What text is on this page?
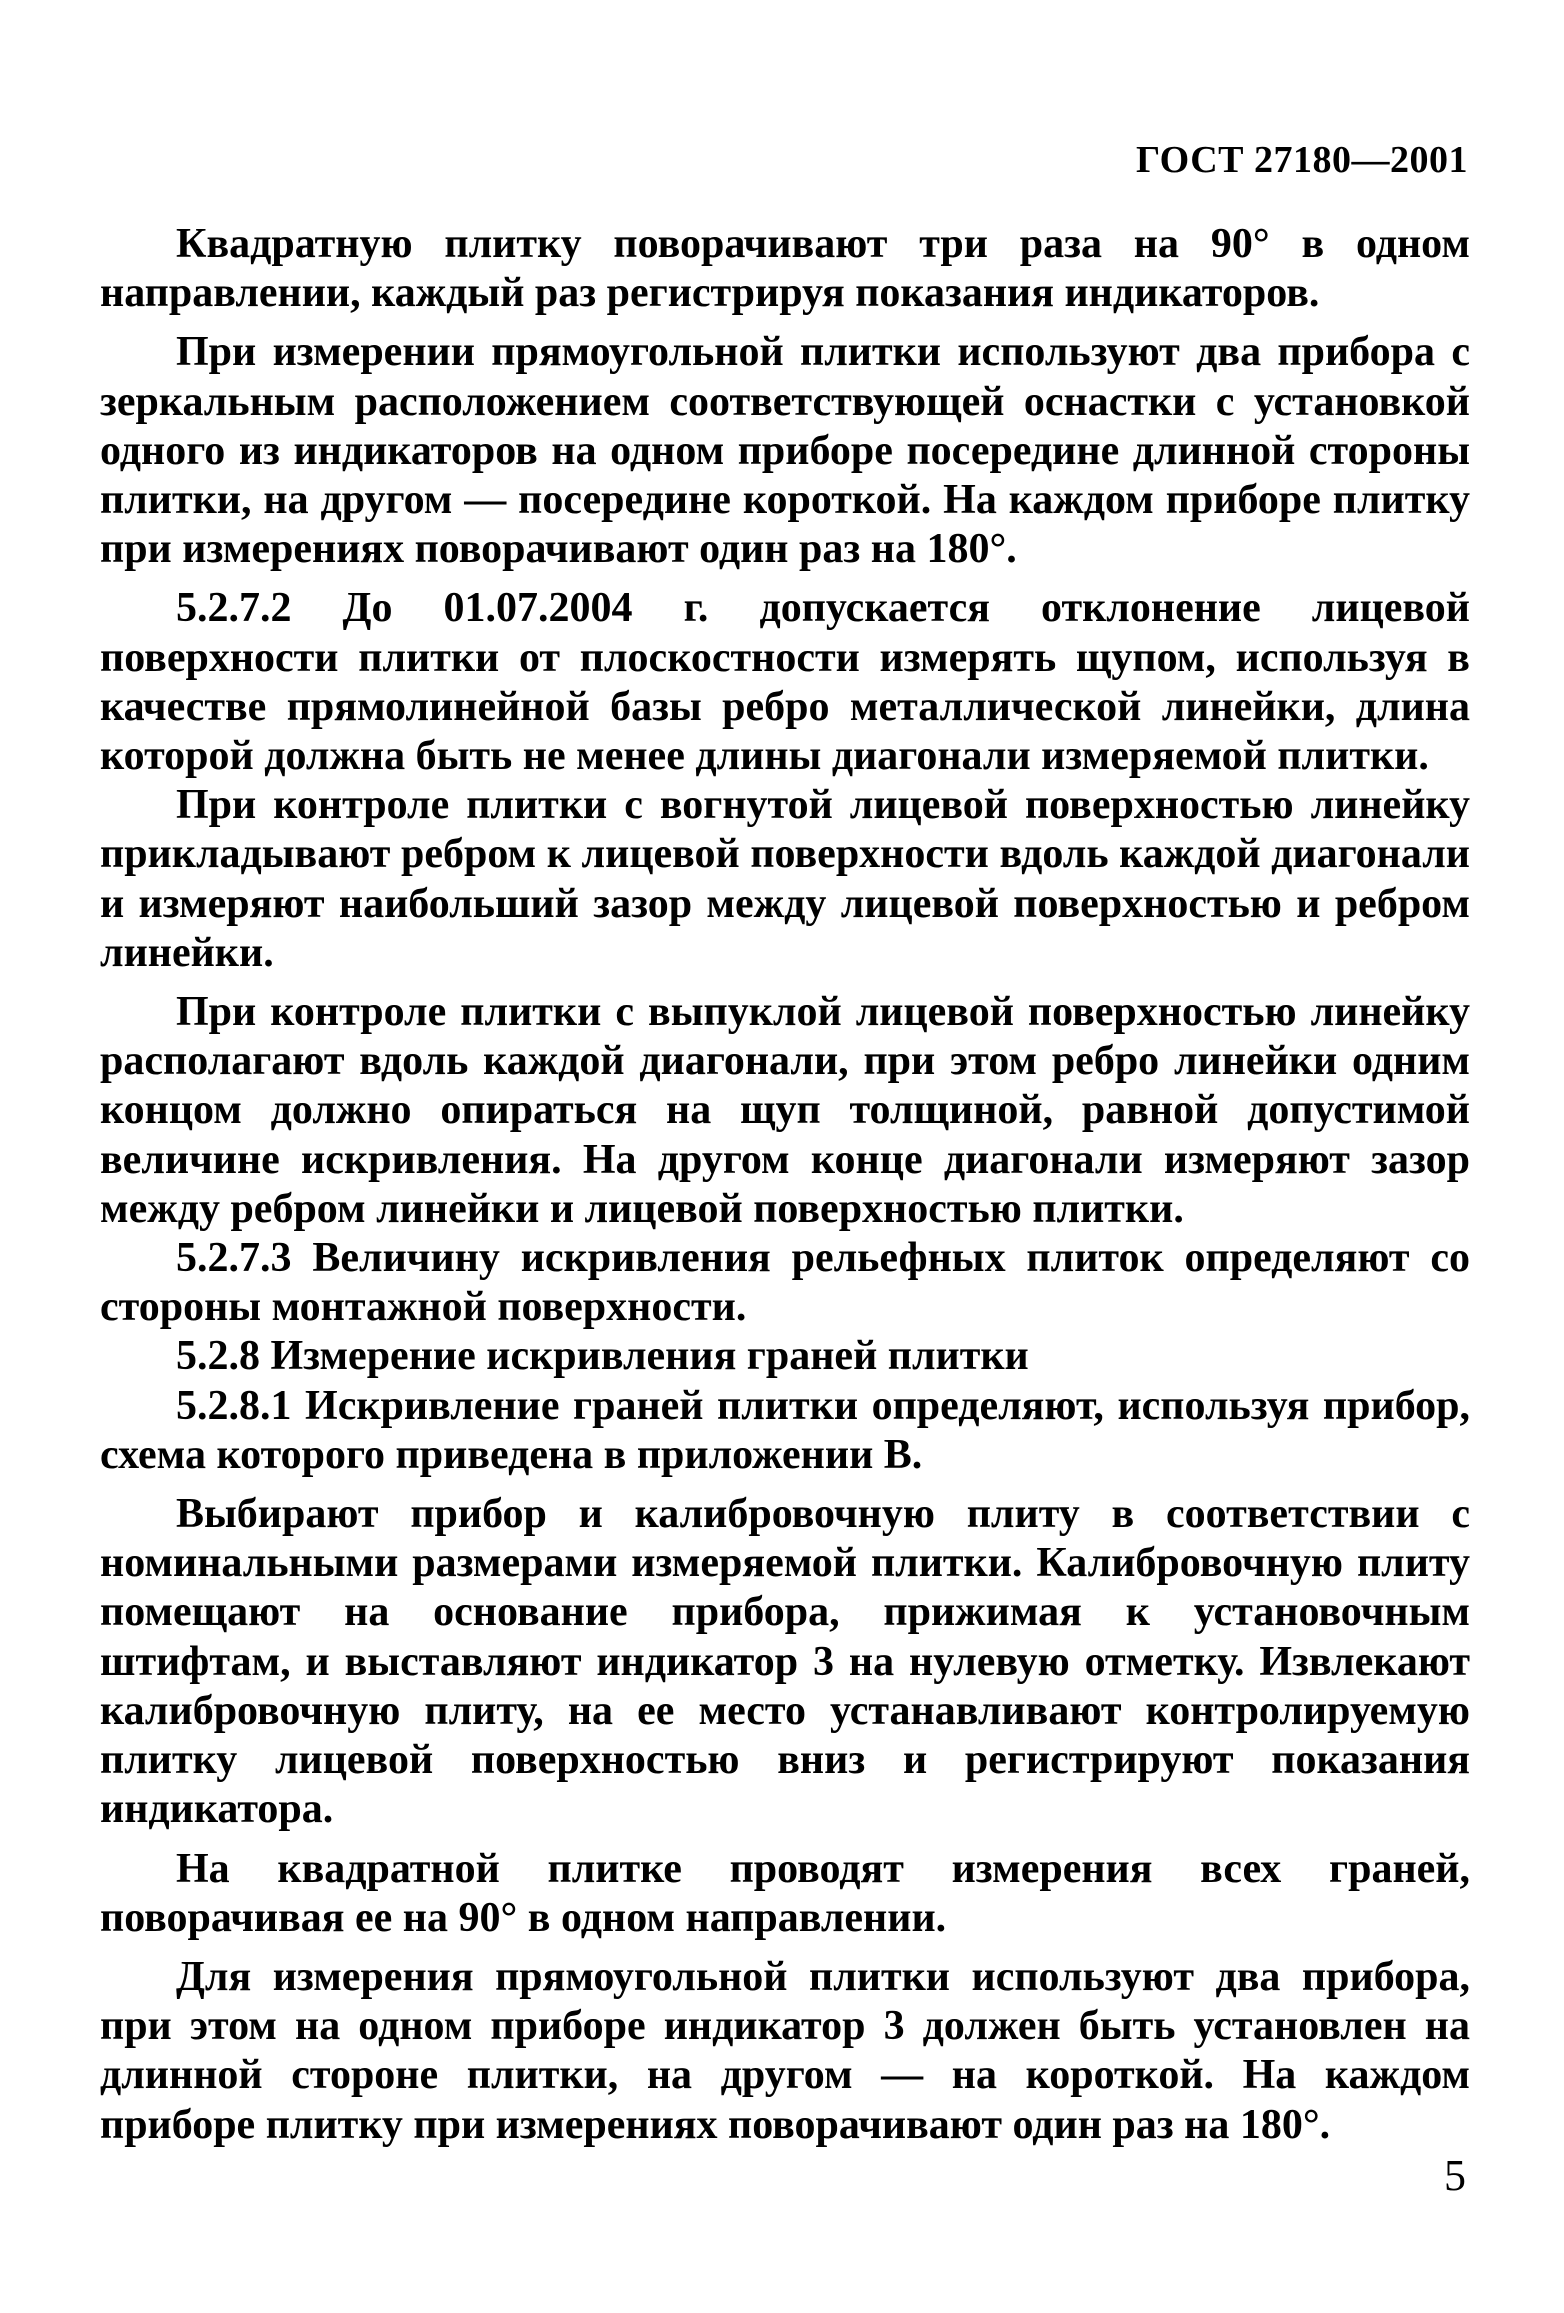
ГОСТ 27180—2001

Квадратную плитку поворачивают три раза на 90° в одном направлении, каждый раз регистрируя показания индикаторов.

При измерении прямоугольной плитки используют два прибора с зеркальным расположением соответствующей оснастки с установкой одного из индикаторов на одном приборе посередине длинной стороны плитки, на другом — посередине короткой. На каждом приборе плитку при измерениях поворачивают один раз на 180°.

5.2.7.2 До 01.07.2004 г. допускается отклонение лицевой поверхности плитки от плоскостности измерять щупом, используя в качестве прямолинейной базы ребро металлической линейки, длина которой должна быть не менее длины диагонали измеряемой плитки.

При контроле плитки с вогнутой лицевой поверхностью линейку прикладывают ребром к лицевой поверхности вдоль каждой диагонали и измеряют наибольший зазор между лицевой поверхностью и ребром линейки.

При контроле плитки с выпуклой лицевой поверхностью линейку располагают вдоль каждой диагонали, при этом ребро линейки одним концом должно опираться на щуп толщиной, равной допустимой величине искривления. На другом конце диагонали измеряют зазор между ребром линейки и лицевой поверхностью плитки.

5.2.7.3 Величину искривления рельефных плиток определяют со стороны монтажной поверхности.

5.2.8 Измерение искривления граней плитки

5.2.8.1 Искривление граней плитки определяют, используя прибор, схема которого приведена в приложении В.

Выбирают прибор и калибровочную плиту в соответствии с номинальными размерами измеряемой плитки. Калибровочную плиту помещают на основание прибора, прижимая к установочным штифтам, и выставляют индикатор 3 на нулевую отметку. Извлекают калибровочную плиту, на ее место устанавливают контролируемую плитку лицевой поверхностью вниз и регистрируют показания индикатора.

На квадратной плитке проводят измерения всех граней, поворачивая ее на 90° в одном направлении.

Для измерения прямоугольной плитки используют два прибора, при этом на одном приборе индикатор 3 должен быть установлен на длинной стороне плитки, на другом — на короткой. На каждом приборе плитку при измерениях поворачивают один раз на 180°.

5
